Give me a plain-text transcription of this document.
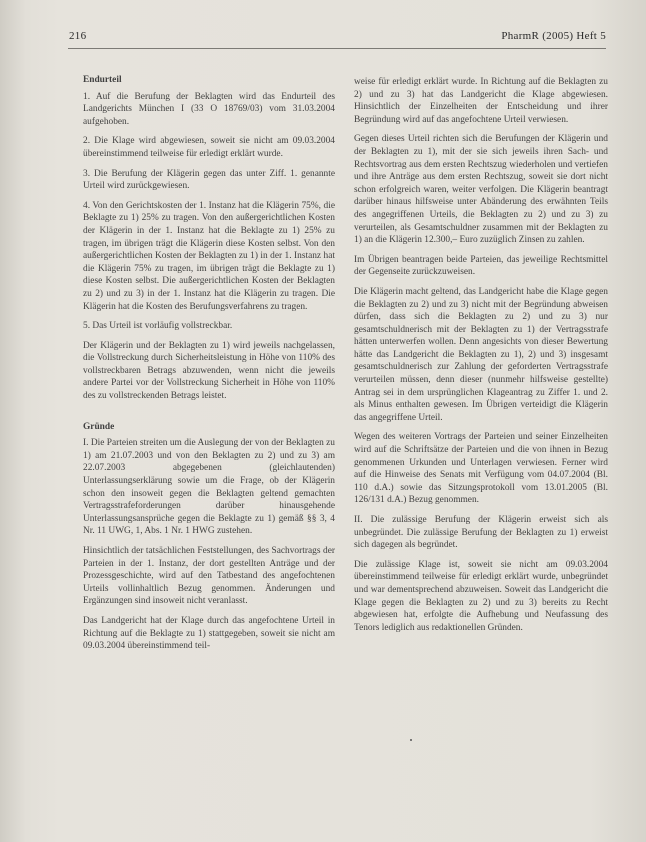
216	PharmR (2005) Heft 5
Endurteil

1. Auf die Berufung der Beklagten wird das Endurteil des Landgerichts München I (33 O 18769/03) vom 31.03.2004 aufgehoben.

2. Die Klage wird abgewiesen, soweit sie nicht am 09.03.2004 übereinstimmend teilweise für erledigt erklärt wurde.

3. Die Berufung der Klägerin gegen das unter Ziff. 1. genannte Urteil wird zurückgewiesen.

4. Von den Gerichtskosten der 1. Instanz hat die Klägerin 75%, die Beklagte zu 1) 25% zu tragen. Von den außergerichtlichen Kosten der Klägerin in der 1. Instanz hat die Beklagte zu 1) 25% zu tragen, im übrigen trägt die Klägerin diese Kosten selbst. Von den außergerichtlichen Kosten der Beklagten zu 1) in der 1. Instanz hat die Klägerin 75% zu tragen, im übrigen trägt die Beklagte zu 1) diese Kosten selbst. Die außergerichtlichen Kosten der Beklagten zu 2) und zu 3) in der 1. Instanz hat die Klägerin zu tragen. Die Klägerin hat die Kosten des Berufungsverfahrens zu tragen.

5. Das Urteil ist vorläufig vollstreckbar.

Der Klägerin und der Beklagten zu 1) wird jeweils nachgelassen, die Vollstreckung durch Sicherheitsleistung in Höhe von 110% des vollstreckbaren Betrags abzuwenden, wenn nicht die jeweils andere Partei vor der Vollstreckung Sicherheit in Höhe von 110% des zu vollstreckenden Betrags leistet.

Gründe

I. Die Parteien streiten um die Auslegung der von der Beklagten zu 1) am 21.07.2003 und von den Beklagten zu 2) und zu 3) am 22.07.2003 abgegebenen (gleichlautenden) Unterlassungserklärung sowie um die Frage, ob der Klägerin schon den insoweit gegen die Beklagten geltend gemachten Vertragsstrafeforderungen darüber hinausgehende Unterlassungsansprüche gegen die Beklagte zu 1) gemäß §§ 3, 4 Nr. 11 UWG, 1, Abs. 1 Nr. 1 HWG zustehen.

Hinsichtlich der tatsächlichen Feststellungen, des Sachvortrags der Parteien in der 1. Instanz, der dort gestellten Anträge und der Prozessgeschichte, wird auf den Tatbestand des angefochtenen Urteils vollinhaltlich Bezug genommen. Änderungen und Ergänzungen sind insoweit nicht veranlasst.

Das Landgericht hat der Klage durch das angefochtene Urteil in Richtung auf die Beklagte zu 1) stattgegeben, soweit sie nicht am 09.03.2004 übereinstimmend teil-

weise für erledigt erklärt wurde. In Richtung auf die Beklagten zu 2) und zu 3) hat das Landgericht die Klage abgewiesen. Hinsichtlich der Einzelheiten der Entscheidung und ihrer Begründung wird auf das angefochtene Urteil verwiesen.

Gegen dieses Urteil richten sich die Berufungen der Klägerin und der Beklagten zu 1), mit der sie sich jeweils ihren Sach- und Rechtsvortrag aus dem ersten Rechtszug wiederholen und vertiefen und ihre Anträge aus dem ersten Rechtszug, soweit sie dort nicht schon erfolgreich waren, weiter verfolgen. Die Klägerin beantragt darüber hinaus hilfsweise unter Abänderung des erwähnten Teils des angegriffenen Urteils, die Beklagten zu 2) und zu 3) zu verurteilen, als Gesamtschuldner zusammen mit der Beklagten zu 1) an die Klägerin 12.300,– Euro zuzüglich Zinsen zu zahlen.

Im Übrigen beantragen beide Parteien, das jeweilige Rechtsmittel der Gegenseite zurückzuweisen.

Die Klägerin macht geltend, das Landgericht habe die Klage gegen die Beklagten zu 2) und zu 3) nicht mit der Begründung abweisen dürfen, dass sich die Beklagten zu 2) und zu 3) nur gesamtschuldnerisch mit der Beklagten zu 1) der Vertragsstrafe hätten unterwerfen wollen. Denn angesichts von dieser Bewertung hätte das Landgericht die Beklagten zu 1), 2) und 3) insgesamt gesamtschuldnerisch zur Zahlung der geforderten Vertragsstrafe verurteilen müssen, denn dieser (nunmehr hilfsweise gestellte) Antrag sei in dem ursprünglichen Klageantrag zu Ziffer 1. und 2. als Minus enthalten gewesen. Im Übrigen verteidigt die Klägerin das angegriffene Urteil.

Wegen des weiteren Vortrags der Parteien und seiner Einzelheiten wird auf die Schriftsätze der Parteien und die von ihnen in Bezug genommenen Urkunden und Unterlagen verwiesen. Ferner wird auf die Hinweise des Senats mit Verfügung vom 04.07.2004 (Bl. 110 d.A.) sowie das Sitzungsprotokoll vom 13.01.2005 (Bl. 126/131 d.A.) Bezug genommen.

II. Die zulässige Berufung der Klägerin erweist sich als unbegründet. Die zulässige Berufung der Beklagten zu 1) erweist sich dagegen als begründet.

Die zulässige Klage ist, soweit sie nicht am 09.03.2004 übereinstimmend teilweise für erledigt erklärt wurde, unbegründet und war dementsprechend abzuweisen. Soweit das Landgericht die Klage gegen die Beklagten zu 2) und zu 3) bereits zu Recht abgewiesen hat, erfolgte die Aufhebung und Neufassung des Tenors lediglich aus redaktionellen Gründen.
